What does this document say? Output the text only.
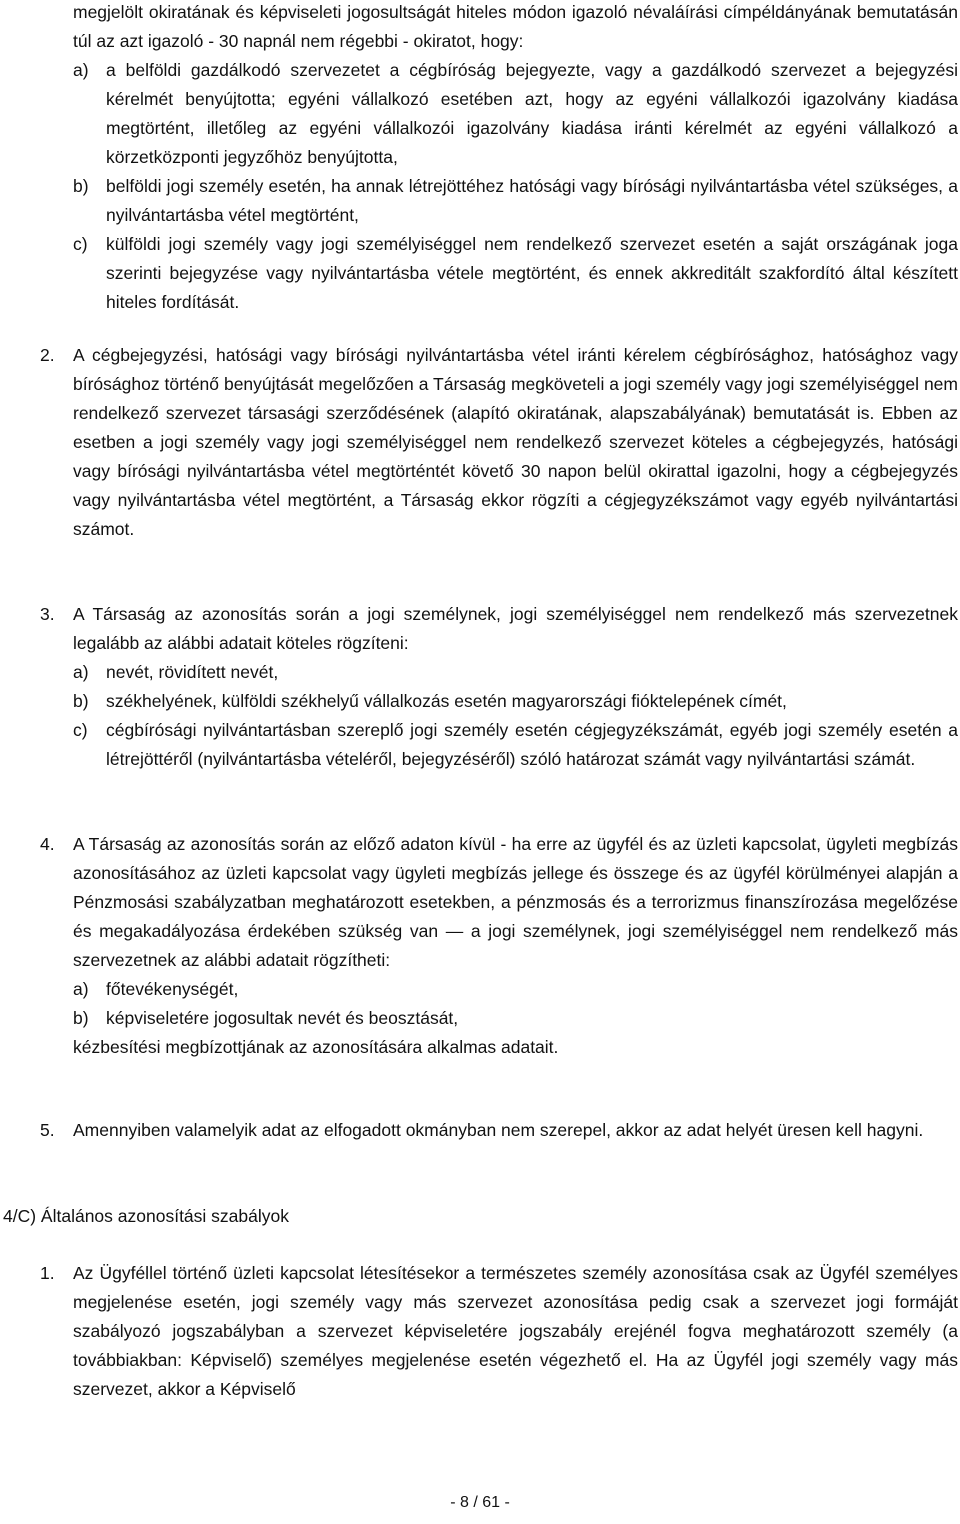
megjelölt okiratának és képviseleti jogosultságát hiteles módon igazoló névaláírási címpéldányának bemutatásán túl az azt igazoló - 30 napnál nem régebbi - okiratot, hogy:

a) a belföldi gazdálkodó szervezetet a cégbíróság bejegyezte, vagy a gazdálkodó szervezet a bejegyzési kérelmét benyújtotta; egyéni vállalkozó esetében azt, hogy az egyéni vállalkozói igazolvány kiadása megtörtént, illetőleg az egyéni vállalkozói igazolvány kiadása iránti kérelmét az egyéni vállalkozó a körzetközponti jegyzőhöz benyújtotta,

b) belföldi jogi személy esetén, ha annak létrejöttéhez hatósági vagy bírósági nyilvántartásba vétel szükséges, a nyilvántartásba vétel megtörtént,

c) külföldi jogi személy vagy jogi személyiséggel nem rendelkező szervezet esetén a saját országának joga szerinti bejegyzése vagy nyilvántartásba vétele megtörtént, és ennek akkreditált szakfordító által készített hiteles fordítását.

2. A cégbejegyzési, hatósági vagy bírósági nyilvántartásba vétel iránti kérelem cégbírósághoz, hatósághoz vagy bírósághoz történő benyújtását megelőzően a Társaság megköveteli a jogi személy vagy jogi személyiséggel nem rendelkező szervezet társasági szerződésének (alapító okiratának, alapszabályának) bemutatását is. Ebben az esetben a jogi személy vagy jogi személyiséggel nem rendelkező szervezet köteles a cégbejegyzés, hatósági vagy bírósági nyilvántartásba vétel megtörténtét követő 30 napon belül okirattal igazolni, hogy a cégbejegyzés vagy nyilvántartásba vétel megtörtént, a Társaság ekkor rögzíti a cégjegyzékszámot vagy egyéb nyilvántartási számot.

3. A Társaság az azonosítás során a jogi személynek, jogi személyiséggel nem rendelkező más szervezetnek legalább az alábbi adatait köteles rögzíteni:

a) nevét, rövidített nevét,

b) székhelyének, külföldi székhelyű vállalkozás esetén magyarországi fióktelepének címét,

c) cégbírósági nyilvántartásban szereplő jogi személy esetén cégjegyzékszámát, egyéb jogi személy esetén a létrejöttéről (nyilvántartásba vételéről, bejegyzéséről) szóló határozat számát vagy nyilvántartási számát.

4. A Társaság az azonosítás során az előző adaton kívül - ha erre az ügyfél és az üzleti kapcsolat, ügyleti megbízás azonosításához az üzleti kapcsolat vagy ügyleti megbízás jellege és összege és az ügyfél körülményei alapján a Pénzmosási szabályzatban meghatározott esetekben, a pénzmosás és a terrorizmus finanszírozása megelőzése és megakadályozása érdekében szükség van — a jogi személynek, jogi személyiséggel nem rendelkező más szervezetnek az alábbi adatait rögzítheti:

a) főtevékenységét,

b) képviseletére jogosultak nevét és beosztását,

kézbesítési megbízottjának az azonosítására alkalmas adatait.

5. Amennyiben valamelyik adat az elfogadott okmányban nem szerepel, akkor az adat helyét üresen kell hagyni.

4/C) Általános azonosítási szabályok

1. Az Ügyféllel történő üzleti kapcsolat létesítésekor a természetes személy azonosítása csak az Ügyfél személyes megjelenése esetén, jogi személy vagy más szervezet azonosítása pedig csak a szervezet jogi formáját szabályozó jogszabályban a szervezet képviseletére jogszabály erejénél fogva meghatározott személy (a továbbiakban: Képviselő) személyes megjelenése esetén végezhető el. Ha az Ügyfél jogi személy vagy más szervezet, akkor a Képviselő

- 8 / 61 -
